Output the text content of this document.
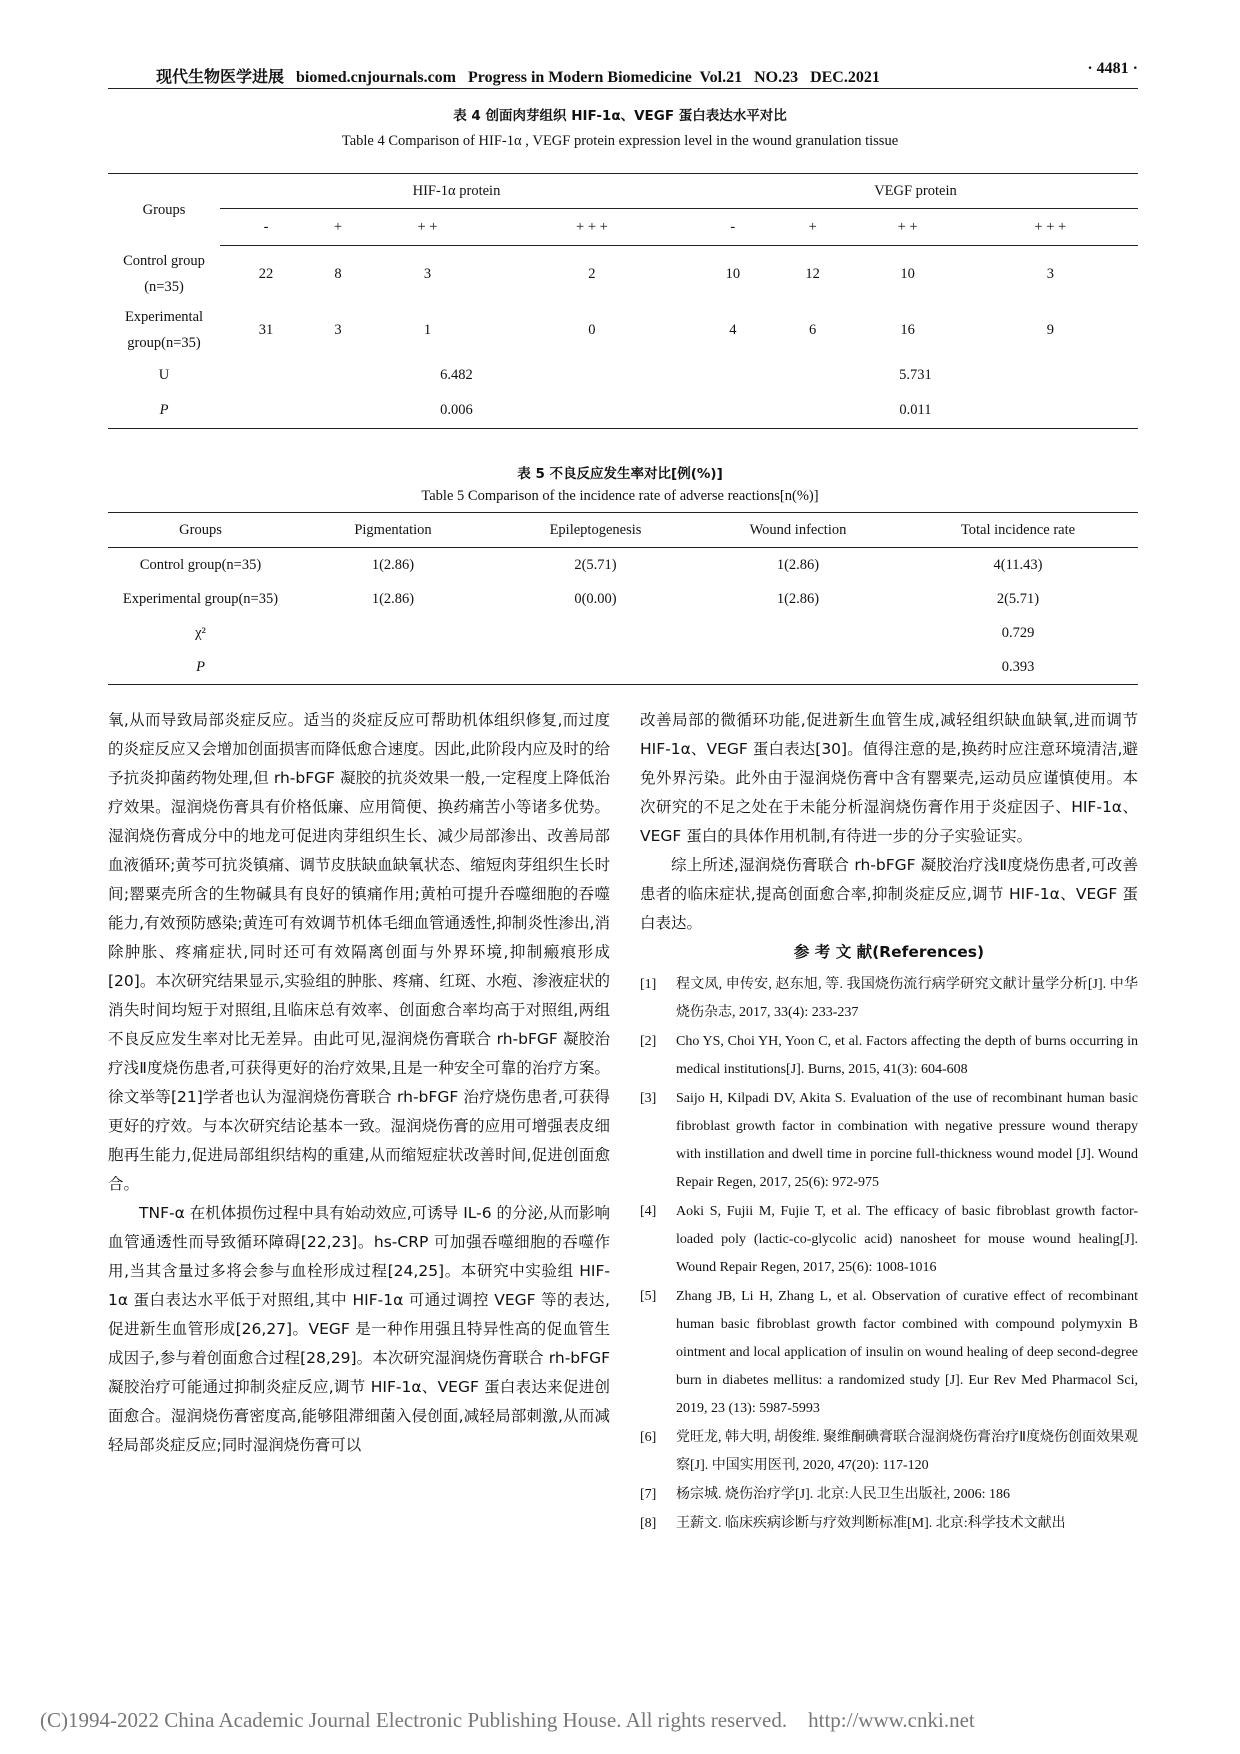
现代生物医学进展   biomed.cnjournals.com   Progress in Modern Biomedicine  Vol.21   NO.23   DEC.2021
· 4481 ·
表 4 创面肉芽组织 HIF-1α、VEGF 蛋白表达水平对比
Table 4 Comparison of HIF-1α , VEGF protein expression level in the wound granulation tissue
Groups	HIF-1α protein				VEGF protein			
	-	+	+ +	+ + +	-	+	+ +	+ + +
Control group (n=35)	22	8	3	2	10	12	10	3
Experimental group(n=35)	31	3	1	0	4	6	16	9
U	6.482				5.731			
P	0.006				0.011			
表 5 不良反应发生率对比[例(%)]
Table 5 Comparison of the incidence rate of adverse reactions[n(%)]
Groups	Pigmentation	Epileptogenesis	Wound infection	Total incidence rate
Control group(n=35)	1(2.86)	2(5.71)	1(2.86)	4(11.43)
Experimental group(n=35)	1(2.86)	0(0.00)	1(2.86)	2(5.71)
χ²				0.729
P				0.393

氧,从而导致局部炎症反应。适当的炎症反应可帮助机体组织修复,而过度的炎症反应又会增加创面损害而降低愈合速度。因此,此阶段内应及时的给予抗炎抑菌药物处理,但 rh-bFGF 凝胶的抗炎效果一般,一定程度上降低治疗效果。湿润烧伤膏具有价格低廉、应用简便、换药痛苦小等诸多优势。湿润烧伤膏成分中的地龙可促进肉芽组织生长、减少局部渗出、改善局部血液循环;黄芩可抗炎镇痛、调节皮肤缺血缺氧状态、缩短肉芽组织生长时间;罂粟壳所含的生物碱具有良好的镇痛作用;黄柏可提升吞噬细胞的吞噬能力,有效预防感染;黄连可有效调节机体毛细血管通透性,抑制炎性渗出,消除肿胀、疼痛症状,同时还可有效隔离创面与外界环境,抑制瘢痕形成[20]。本次研究结果显示,实验组的肿胀、疼痛、红斑、水疱、渗液症状的消失时间均短于对照组,且临床总有效率、创面愈合率均高于对照组,两组不良反应发生率对比无差异。由此可见,湿润烧伤膏联合 rh-bFGF 凝胶治疗浅Ⅱ度烧伤患者,可获得更好的治疗效果,且是一种安全可靠的治疗方案。徐文举等[21]学者也认为湿润烧伤膏联合 rh-bFGF 治疗烧伤患者,可获得更好的疗效。与本次研究结论基本一致。湿润烧伤膏的应用可增强表皮细胞再生能力,促进局部组织结构的重建,从而缩短症状改善时间,促进创面愈合。

TNF-α 在机体损伤过程中具有始动效应,可诱导 IL-6 的分泌,从而影响血管通透性而导致循环障碍[22,23]。hs-CRP 可加强吞噬细胞的吞噬作用,当其含量过多将会参与血栓形成过程[24,25]。本研究中实验组 HIF-1α 蛋白表达水平低于对照组,其中 HIF-1α 可通过调控 VEGF 等的表达,促进新生血管形成[26,27]。VEGF 是一种作用强且特异性高的促血管生成因子,参与着创面愈合过程[28,29]。本次研究湿润烧伤膏联合 rh-bFGF 凝胶治疗可能通过抑制炎症反应,调节 HIF-1α、VEGF 蛋白表达来促进创面愈合。湿润烧伤膏密度高,能够阻滞细菌入侵创面,减轻局部刺激,从而减轻局部炎症反应;同时湿润烧伤膏可以

改善局部的微循环功能,促进新生血管生成,减轻组织缺血缺氧,进而调节 HIF-1α、VEGF 蛋白表达[30]。值得注意的是,换药时应注意环境清洁,避免外界污染。此外由于湿润烧伤膏中含有罂粟壳,运动员应谨慎使用。本次研究的不足之处在于未能分析湿润烧伤膏作用于炎症因子、HIF-1α、VEGF 蛋白的具体作用机制,有待进一步的分子实验证实。

综上所述,湿润烧伤膏联合 rh-bFGF 凝胶治疗浅Ⅱ度烧伤患者,可改善患者的临床症状,提高创面愈合率,抑制炎症反应,调节 HIF-1α、VEGF 蛋白表达。

参 考 文 献(References)

[1] 程文凤, 申传安, 赵东旭, 等. 我国烧伤流行病学研究文献计量学分析[J]. 中华烧伤杂志, 2017, 33(4): 233-237
[2] Cho YS, Choi YH, Yoon C, et al. Factors affecting the depth of burns occurring in medical institutions[J]. Burns, 2015, 41(3): 604-608
[3] Saijo H, Kilpadi DV, Akita S. Evaluation of the use of recombinant human basic fibroblast growth factor in combination with negative pressure wound therapy with instillation and dwell time in porcine full-thickness wound model [J]. Wound Repair Regen, 2017, 25(6): 972-975
[4] Aoki S, Fujii M, Fujie T, et al. The efficacy of basic fibroblast growth factor-loaded poly (lactic-co-glycolic acid) nanosheet for mouse wound healing[J]. Wound Repair Regen, 2017, 25(6): 1008-1016
[5] Zhang JB, Li H, Zhang L, et al. Observation of curative effect of recombinant human basic fibroblast growth factor combined with compound polymyxin B ointment and local application of insulin on wound healing of deep second-degree burn in diabetes mellitus: a randomized study [J]. Eur Rev Med Pharmacol Sci, 2019, 23 (13): 5987-5993
[6] 党旺龙, 韩大明, 胡俊维. 聚维酮碘膏联合湿润烧伤膏治疗Ⅱ度烧伤创面效果观察[J]. 中国实用医刊, 2020, 47(20): 117-120
[7] 杨宗城. 烧伤治疗学[J]. 北京:人民卫生出版社, 2006: 186
[8] 王薪文. 临床疾病诊断与疗效判断标准[M]. 北京:科学技术文献出
(C)1994-2022 China Academic Journal Electronic Publishing House. All rights reserved.    http://www.cnki.net
